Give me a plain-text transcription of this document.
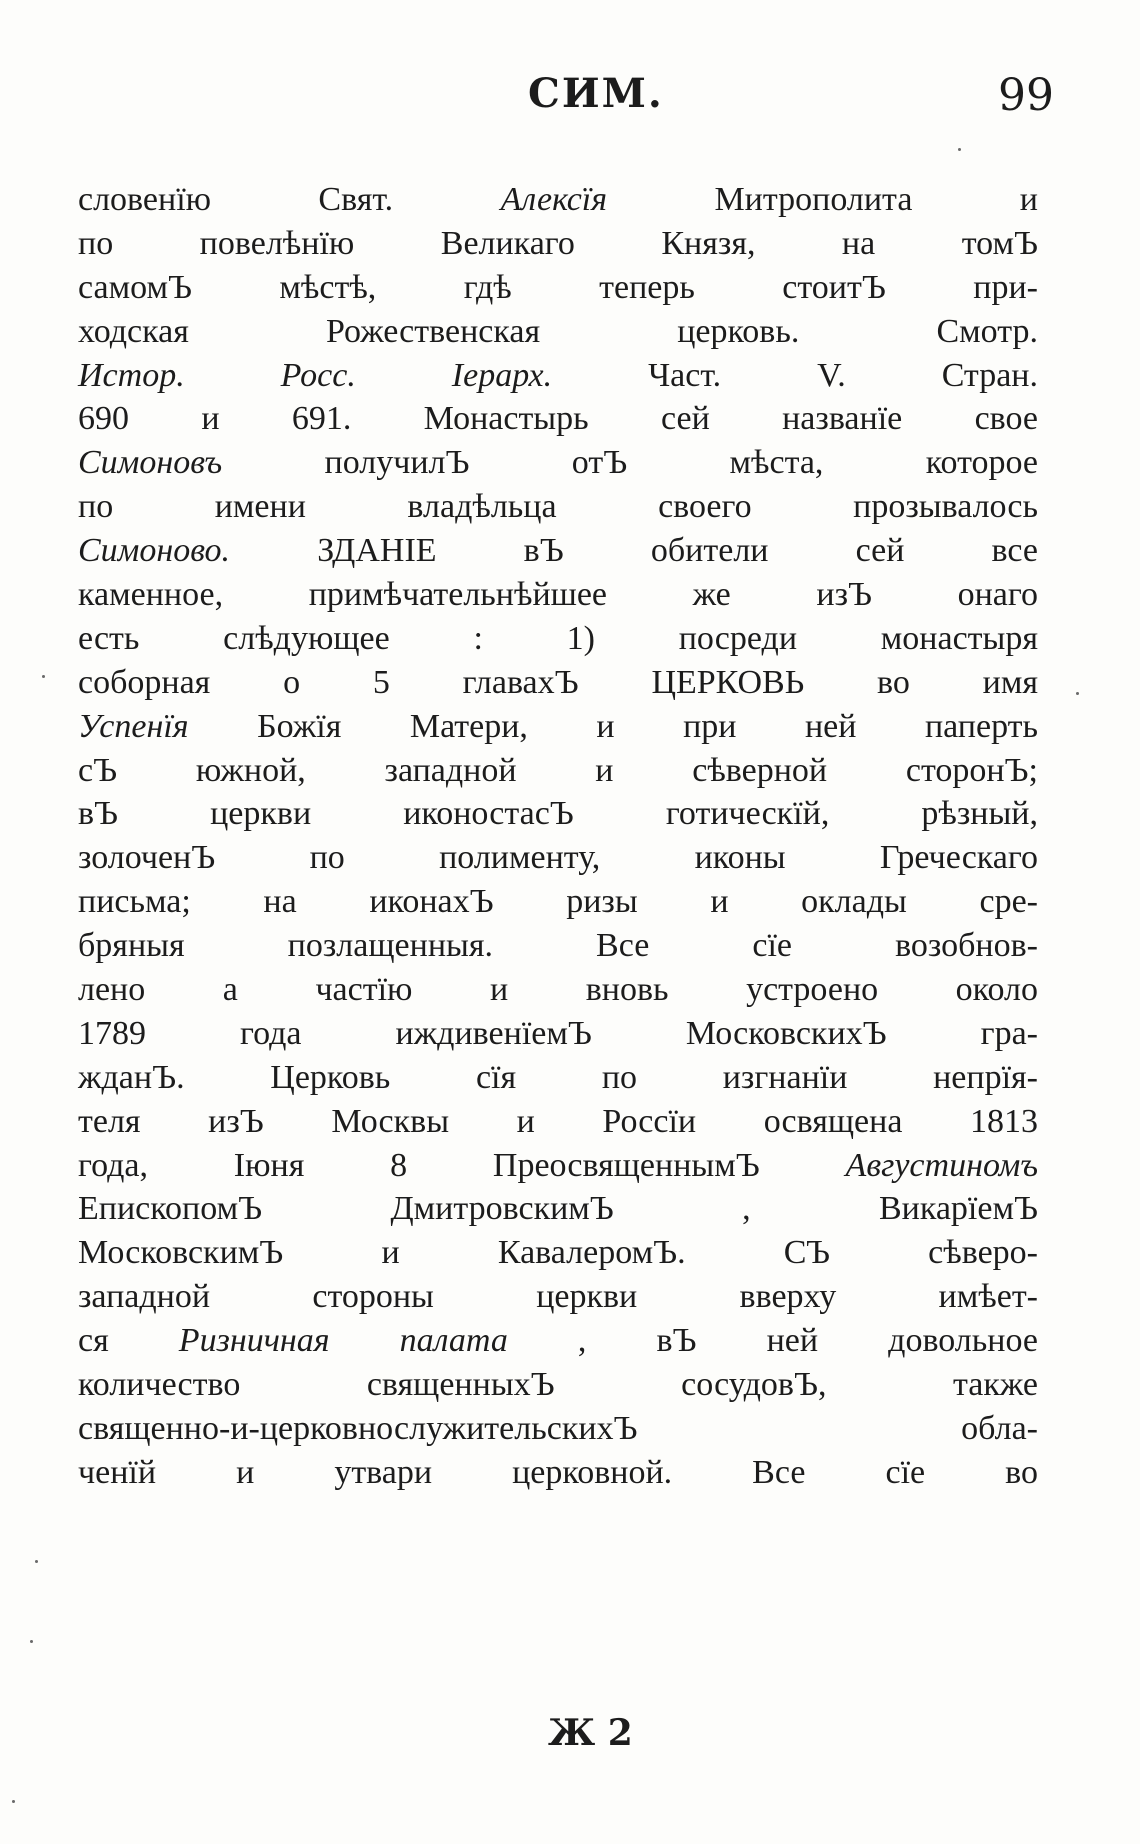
СИМ.	99
словенїю Свят. Алексїя Митрополита и
по повелѣнїю Великаго Князя, на томЪ
самомЪ мѣстѣ, гдѣ теперь стоитЪ при-
ходская Рожественская церковь. Смотр.
Истор. Росс. Iерарх. Част. V. Стран.
690 и 691. Монастырь сей названїе свое
Симоновъ получилЪ отЪ мѣста, которое
по имени владѣльца своего прозывалось
Симоново. ЗДАНIЕ вЪ обители сей все
каменное, примѣчательнѣйшее же изЪ онаго
есть слѣдующее : 1) посреди монастыря
соборная о 5 главахЪ ЦЕРКОВЬ во имя
Успенїя Божїя Матери, и при ней паперть
сЪ южной, западной и сѣверной сторонЪ;
вЪ церкви иконостасЪ готическїй, рѣзный,
золоченЪ по полименту, иконы Греческаго
письма; на иконахЪ ризы и оклады сре-
бряныя позлащенныя. Все сїе возобнов-
лено а частїю и вновь устроено около
1789 года иждивенїемЪ МосковскихЪ гра-
жданЪ. Церковь сїя по изгнанїи непрїя-
теля изЪ Москвы и Россїи освящена 1813
года, Iюня 8 ПреосвященнымЪ Августиномъ
ЕпископомЪ ДмитровскимЪ , ВикарїемЪ
МосковскимЪ и КавалеромЪ. СЪ сѣверо-
западной стороны церкви вверху имѣет-
ся Ризничная палата , вЪ ней довольное
количество священныхЪ сосудовЪ, также
священно-и-церковнослужительскихЪ обла-
ченїй и утвари церковной. Все сїе во
Ж 2
